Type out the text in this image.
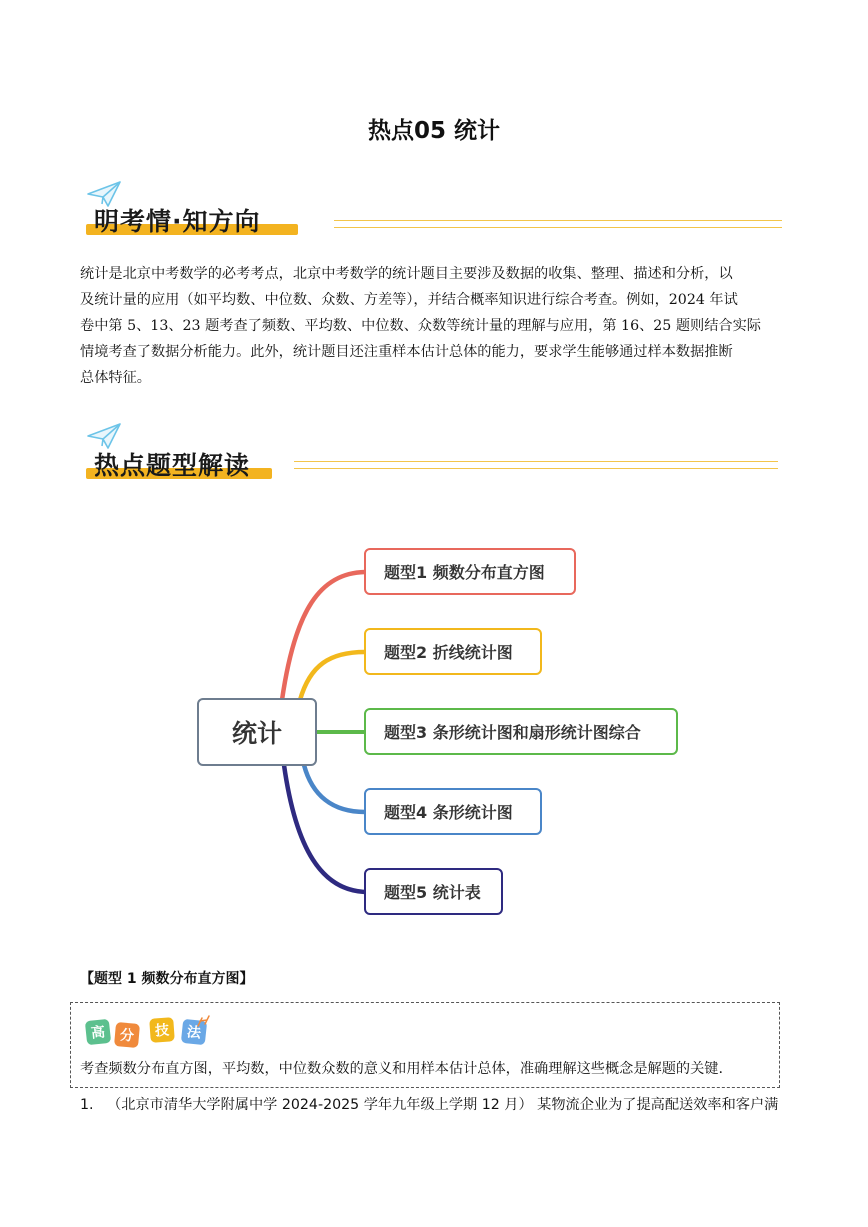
热点05 统计
明考情·知方向
统计是北京中考数学的必考考点，北京中考数学的统计题目主要涉及数据的收集、整理、描述和分析，以
及统计量的应用（如平均数、中位数、众数、方差等），并结合概率知识进行综合考查。例如，2024 年试
卷中第 5、13、23 题考查了频数、平均数、中位数、众数等统计量的理解与应用，第 16、25 题则结合实际
情境考查了数据分析能力。此外，统计题目还注重样本估计总体的能力，要求学生能够通过样本数据推断
总体特征。
热点题型解读
统计
题型1 频数分布直方图
题型2 折线统计图
题型3 条形统计图和扇形统计图综合
题型4 条形统计图
题型5 统计表
【题型 1 频数分布直方图】
高 分	技	法
考查频数分布直方图，平均数，中位数众数的意义和用样本估计总体，准确理解这些概念是解题的关键.
1. （北京市清华大学附属中学 2024-2025 学年九年级上学期 12 月） 某物流企业为了提高配送效率和客户满
